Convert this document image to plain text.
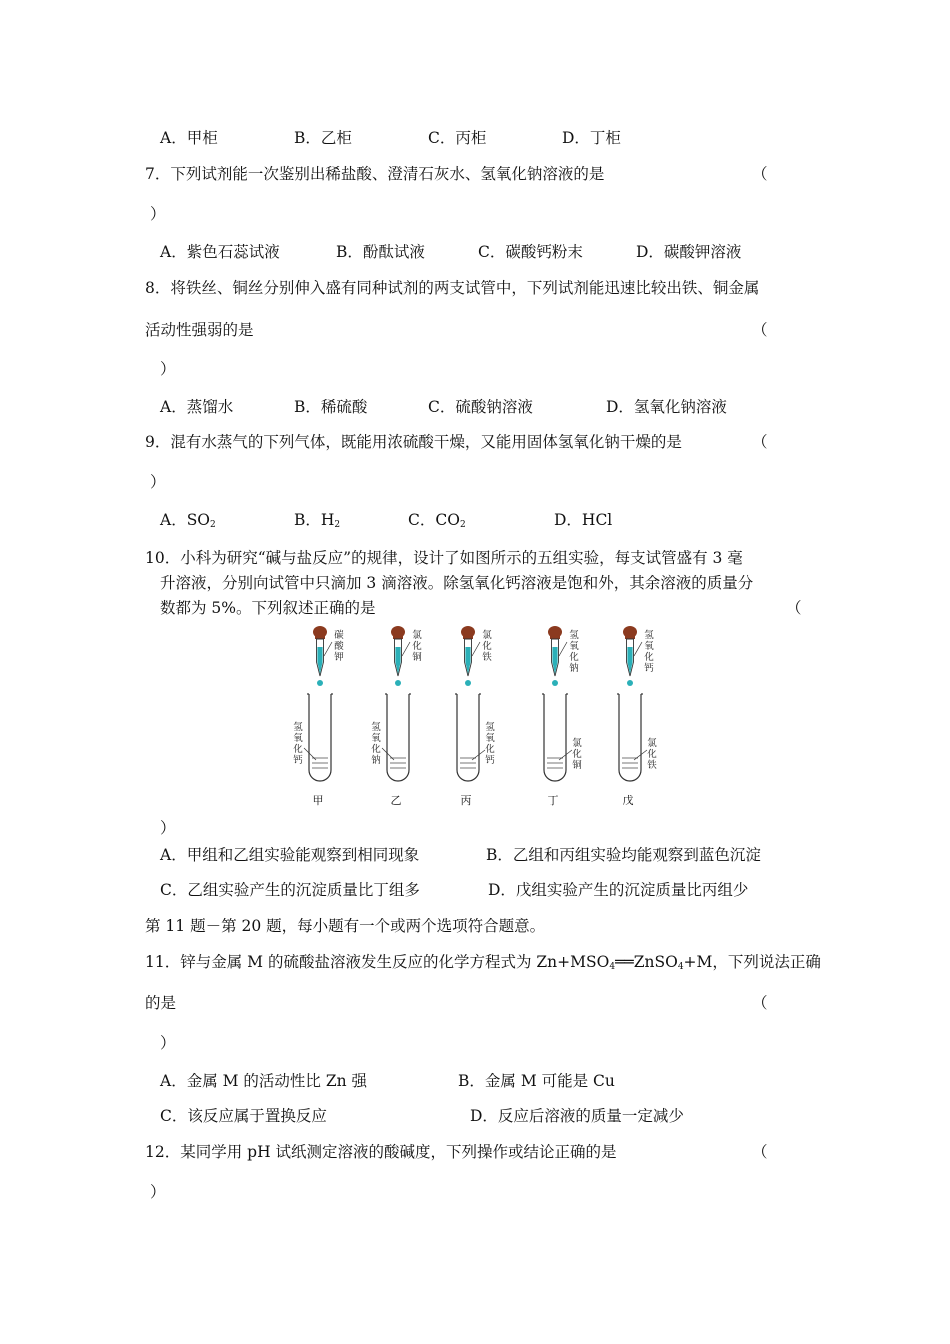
A．甲柜	B．乙柜	C．丙柜	D．丁柜
7．下列试剂能一次鉴别出稀盐酸、澄清石灰水、氢氧化钠溶液的是	（
）
A．紫色石蕊试液	B．酚酞试液	C．碳酸钙粉末	D．碳酸钾溶液
8．将铁丝、铜丝分别伸入盛有同种试剂的两支试管中，下列试剂能迅速比较出铁、铜金属
活动性强弱的是	（
）
A．蒸馏水	B．稀硫酸	C．硫酸钠溶液	D．氢氧化钠溶液
9．混有水蒸气的下列气体，既能用浓硫酸干燥，又能用固体氢氧化钠干燥的是	（
）
A．$SO_2$	B．$H_2$	C．$CO_2$	D．HCl
10．小科为研究“碱与盐反应”的规律，设计了如图所示的五组实验，每支试管盛有 3 毫
升溶液，分别向试管中只滴加 3 滴溶液。除氢氧化钙溶液是饱和外，其余溶液的质量分
数都为 5%。下列叙述正确的是	（
碳酸钾
氢氧化钙
甲
氯化铜
氢氧化钠
乙
氯化铁
氢氧化钙
丙
氢氧化钠
氯化铜
丁
氢氧化钙
氯化铁
戊
）
A．甲组和乙组实验能观察到相同现象	B．乙组和丙组实验均能观察到蓝色沉淀
C．乙组实验产生的沉淀质量比丁组多	D．戊组实验产生的沉淀质量比丙组少
第 11 题－第 20 题，每小题有一个或两个选项符合题意。
11．锌与金属 M 的硫酸盐溶液发生反应的化学方程式为 $Zn+MSO_4══ZnSO_4+M$，下列说法正确
的是	（
）
A．金属 M 的活动性比 Zn 强	B．金属 M 可能是 Cu
C．该反应属于置换反应	D．反应后溶液的质量一定减少
12．某同学用 pH 试纸测定溶液的酸碱度，下列操作或结论正确的是	（
）
